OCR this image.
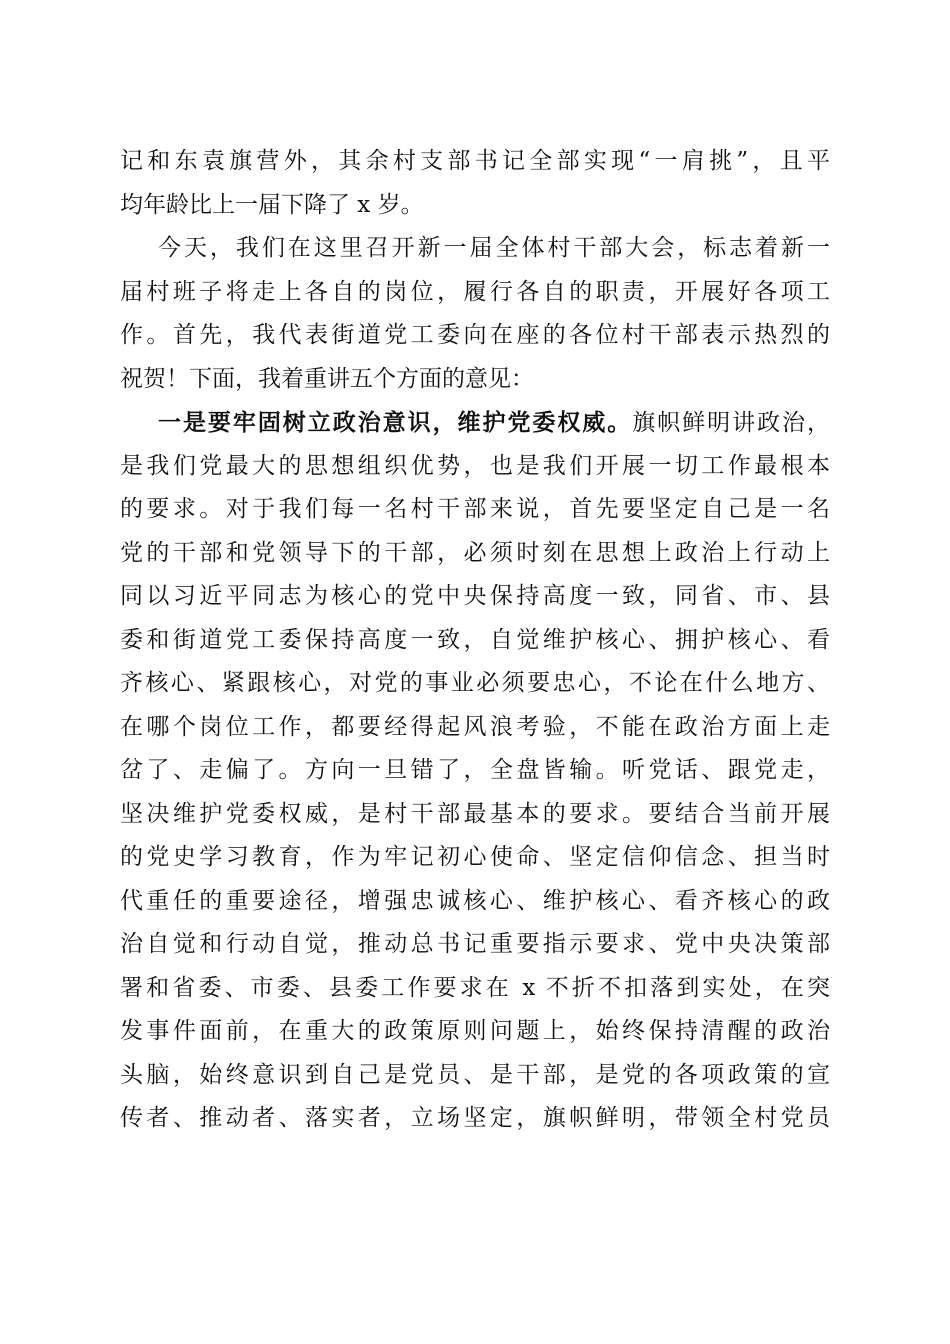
记和东袁旗营外，其余村支部书记全部实现“一肩挑”，且平
均年龄比上一届下降了 x 岁。
今天，我们在这里召开新一届全体村干部大会，标志着新一
届村班子将走上各自的岗位，履行各自的职责，开展好各项工
作。首先，我代表街道党工委向在座的各位村干部表示热烈的
祝贺！下面，我着重讲五个方面的意见：
一是要牢固树立政治意识，维护党委权威。旗帜鲜明讲政治，
是我们党最大的思想组织优势，也是我们开展一切工作最根本
的要求。对于我们每一名村干部来说，首先要坚定自己是一名
党的干部和党领导下的干部，必须时刻在思想上政治上行动上
同以习近平同志为核心的党中央保持高度一致，同省、市、县
委和街道党工委保持高度一致，自觉维护核心、拥护核心、看
齐核心、紧跟核心，对党的事业必须要忠心，不论在什么地方、
在哪个岗位工作，都要经得起风浪考验，不能在政治方面上走
岔了、走偏了。方向一旦错了，全盘皆输。听党话、跟党走，
坚决维护党委权威，是村干部最基本的要求。要结合当前开展
的党史学习教育，作为牢记初心使命、坚定信仰信念、担当时
代重任的重要途径，增强忠诚核心、维护核心、看齐核心的政
治自觉和行动自觉，推动总书记重要指示要求、党中央决策部
署和省委、市委、县委工作要求在 x 不折不扣落到实处，在突
发事件面前，在重大的政策原则问题上，始终保持清醒的政治
头脑，始终意识到自己是党员、是干部，是党的各项政策的宣
传者、推动者、落实者，立场坚定，旗帜鲜明，带领全村党员
